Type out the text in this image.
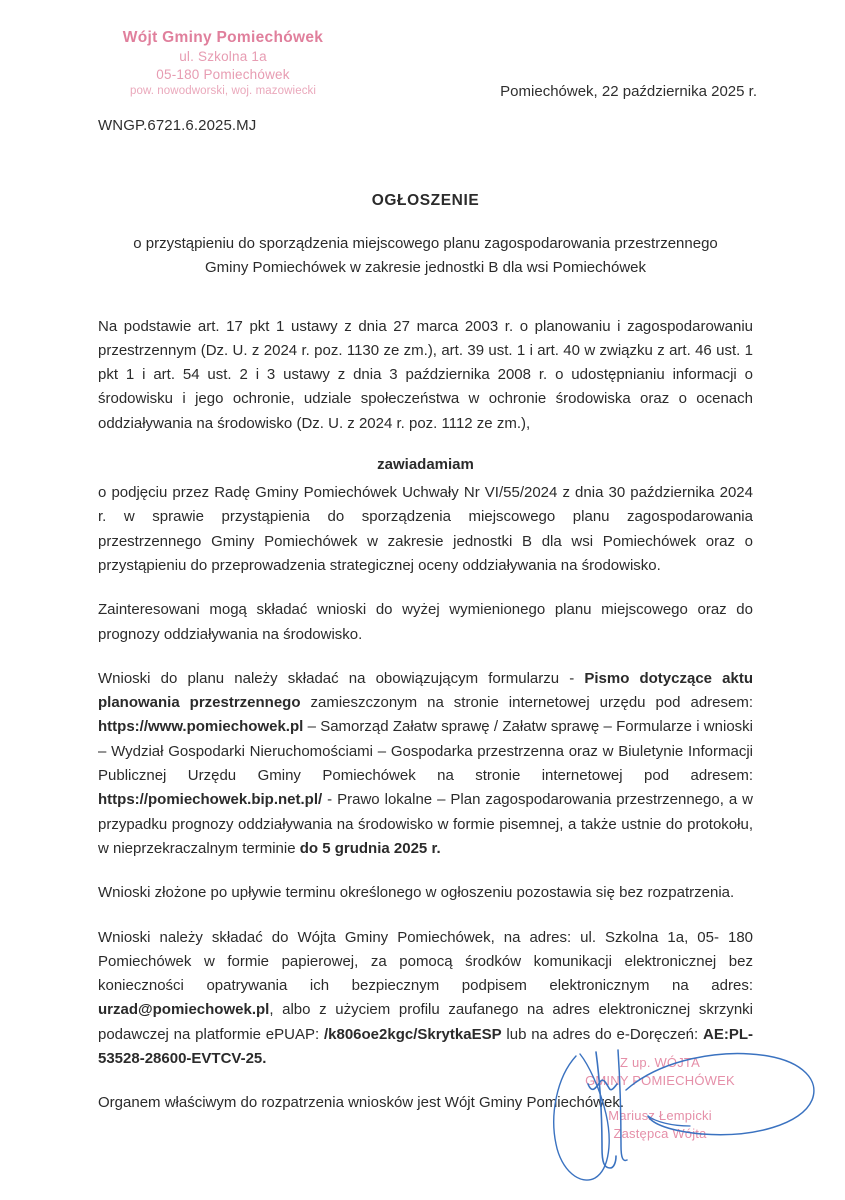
Wójt Gminy Pomiechówek
ul. Szkolna 1a
05-180 Pomiechówek
pow. nowodworski, woj. mazowiecki	Pomiechówek, 22 października 2025 r.
WNGP.6721.6.2025.MJ
OGŁOSZENIE
o przystąpieniu do sporządzenia miejscowego planu zagospodarowania przestrzennego
Gminy Pomiechówek w zakresie jednostki B dla wsi Pomiechówek

Na podstawie art. 17 pkt 1 ustawy z dnia 27 marca 2003 r. o planowaniu i zagospodarowaniu przestrzennym (Dz. U. z 2024 r. poz. 1130 ze zm.), art. 39 ust. 1 i art. 40 w związku z art. 46 ust. 1 pkt 1 i art. 54 ust. 2 i 3 ustawy z dnia 3 października 2008 r. o udostępnianiu informacji o środowisku i jego ochronie, udziale społeczeństwa w ochronie środowiska oraz o ocenach oddziaływania na środowisko (Dz. U. z 2024 r. poz. 1112 ze zm.),

zawiadamiam

o podjęciu przez Radę Gminy Pomiechówek Uchwały Nr VI/55/2024 z dnia 30 października 2024 r. w sprawie przystąpienia do sporządzenia miejscowego planu zagospodarowania przestrzennego Gminy Pomiechówek w zakresie jednostki B dla wsi Pomiechówek oraz o przystąpieniu do przeprowadzenia strategicznej oceny oddziaływania na środowisko.

Zainteresowani mogą składać wnioski do wyżej wymienionego planu miejscowego oraz do prognozy oddziaływania na środowisko.

Wnioski do planu należy składać na obowiązującym formularzu - Pismo dotyczące aktu planowania przestrzennego zamieszczonym na stronie internetowej urzędu pod adresem: https://www.pomiechowek.pl – Samorząd Załatw sprawę / Załatw sprawę – Formularze i wnioski – Wydział Gospodarki Nieruchomościami – Gospodarka przestrzenna oraz w Biuletynie Informacji Publicznej Urzędu Gminy Pomiechówek na stronie internetowej pod adresem: https://pomiechowek.bip.net.pl/ - Prawo lokalne – Plan zagospodarowania przestrzennego, a w przypadku prognozy oddziaływania na środowisko w formie pisemnej, a także ustnie do protokołu, w nieprzekraczalnym terminie do 5 grudnia 2025 r.

Wnioski złożone po upływie terminu określonego w ogłoszeniu pozostawia się bez rozpatrzenia.

Wnioski należy składać do Wójta Gminy Pomiechówek, na adres: ul. Szkolna 1a, 05- 180 Pomiechówek w formie papierowej, za pomocą środków komunikacji elektronicznej bez konieczności opatrywania ich bezpiecznym podpisem elektronicznym na adres: urzad@pomiechowek.pl, albo z użyciem profilu zaufanego na adres elektronicznej skrzynki podawczej na platformie ePUAP: /k806oe2kgc/SkrytkaESP lub na adres do e-Doręczeń: AE:PL-53528-28600-EVTCV-25.

Organem właściwym do rozpatrzenia wniosków jest Wójt Gminy Pomiechówek.

Z up. WÓJTA
GMINY POMIECHÓWEK
Mariusz Łempicki
Zastępca Wójta
